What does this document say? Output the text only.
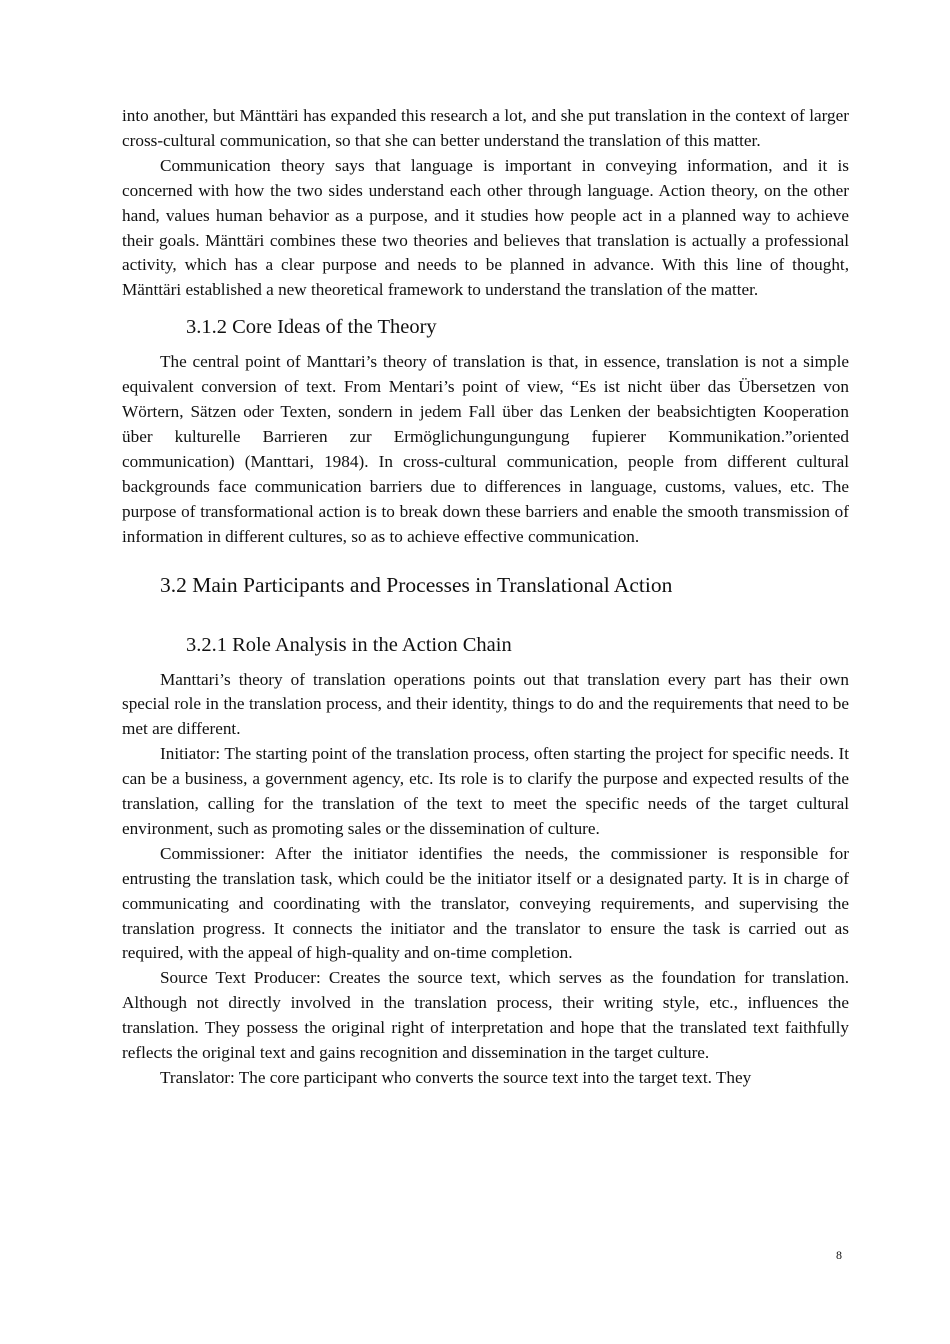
into another, but Mänttäri has expanded this research a lot, and she put translation in the context of larger cross-cultural communication, so that she can better understand the translation of this matter.

Communication theory says that language is important in conveying information, and it is concerned with how the two sides understand each other through language. Action theory, on the other hand, values human behavior as a purpose, and it studies how people act in a planned way to achieve their goals. Mänttäri combines these two theories and believes that translation is actually a professional activity, which has a clear purpose and needs to be planned in advance. With this line of thought, Mänttäri established a new theoretical framework to understand the translation of the matter.

3.1.2 Core Ideas of the Theory

The central point of Manttari’s theory of translation is that, in essence, translation is not a simple equivalent conversion of text. From Mentari’s point of view, “Es ist nicht über das Übersetzen von Wörtern, Sätzen oder Texten, sondern in jedem Fall über das Lenken der beabsichtigten Kooperation über kulturelle Barrieren zur Ermöglichungungungung fupierer Kommunikation.”oriented communication) (Manttari, 1984). In cross-cultural communication, people from different cultural backgrounds face communication barriers due to differences in language, customs, values, etc. The purpose of transformational action is to break down these barriers and enable the smooth transmission of information in different cultures, so as to achieve effective communication.

3.2 Main Participants and Processes in Translational Action
3.2.1 Role Analysis in the Action Chain

Manttari’s theory of translation operations points out that translation every part has their own special role in the translation process, and their identity, things to do and the requirements that need to be met are different.

Initiator: The starting point of the translation process, often starting the project for specific needs. It can be a business, a government agency, etc. Its role is to clarify the purpose and expected results of the translation, calling for the translation of the text to meet the specific needs of the target cultural environment, such as promoting sales or the dissemination of culture.

Commissioner: After the initiator identifies the needs, the commissioner is responsible for entrusting the translation task, which could be the initiator itself or a designated party. It is in charge of communicating and coordinating with the translator, conveying requirements, and supervising the translation progress. It connects the initiator and the translator to ensure the task is carried out as required, with the appeal of high-quality and on-time completion.

Source Text Producer: Creates the source text, which serves as the foundation for translation. Although not directly involved in the translation process, their writing style, etc., influences the translation. They possess the original right of interpretation and hope that the translated text faithfully reflects the original text and gains recognition and dissemination in the target culture.

Translator: The core participant who converts the source text into the target text. They

8
